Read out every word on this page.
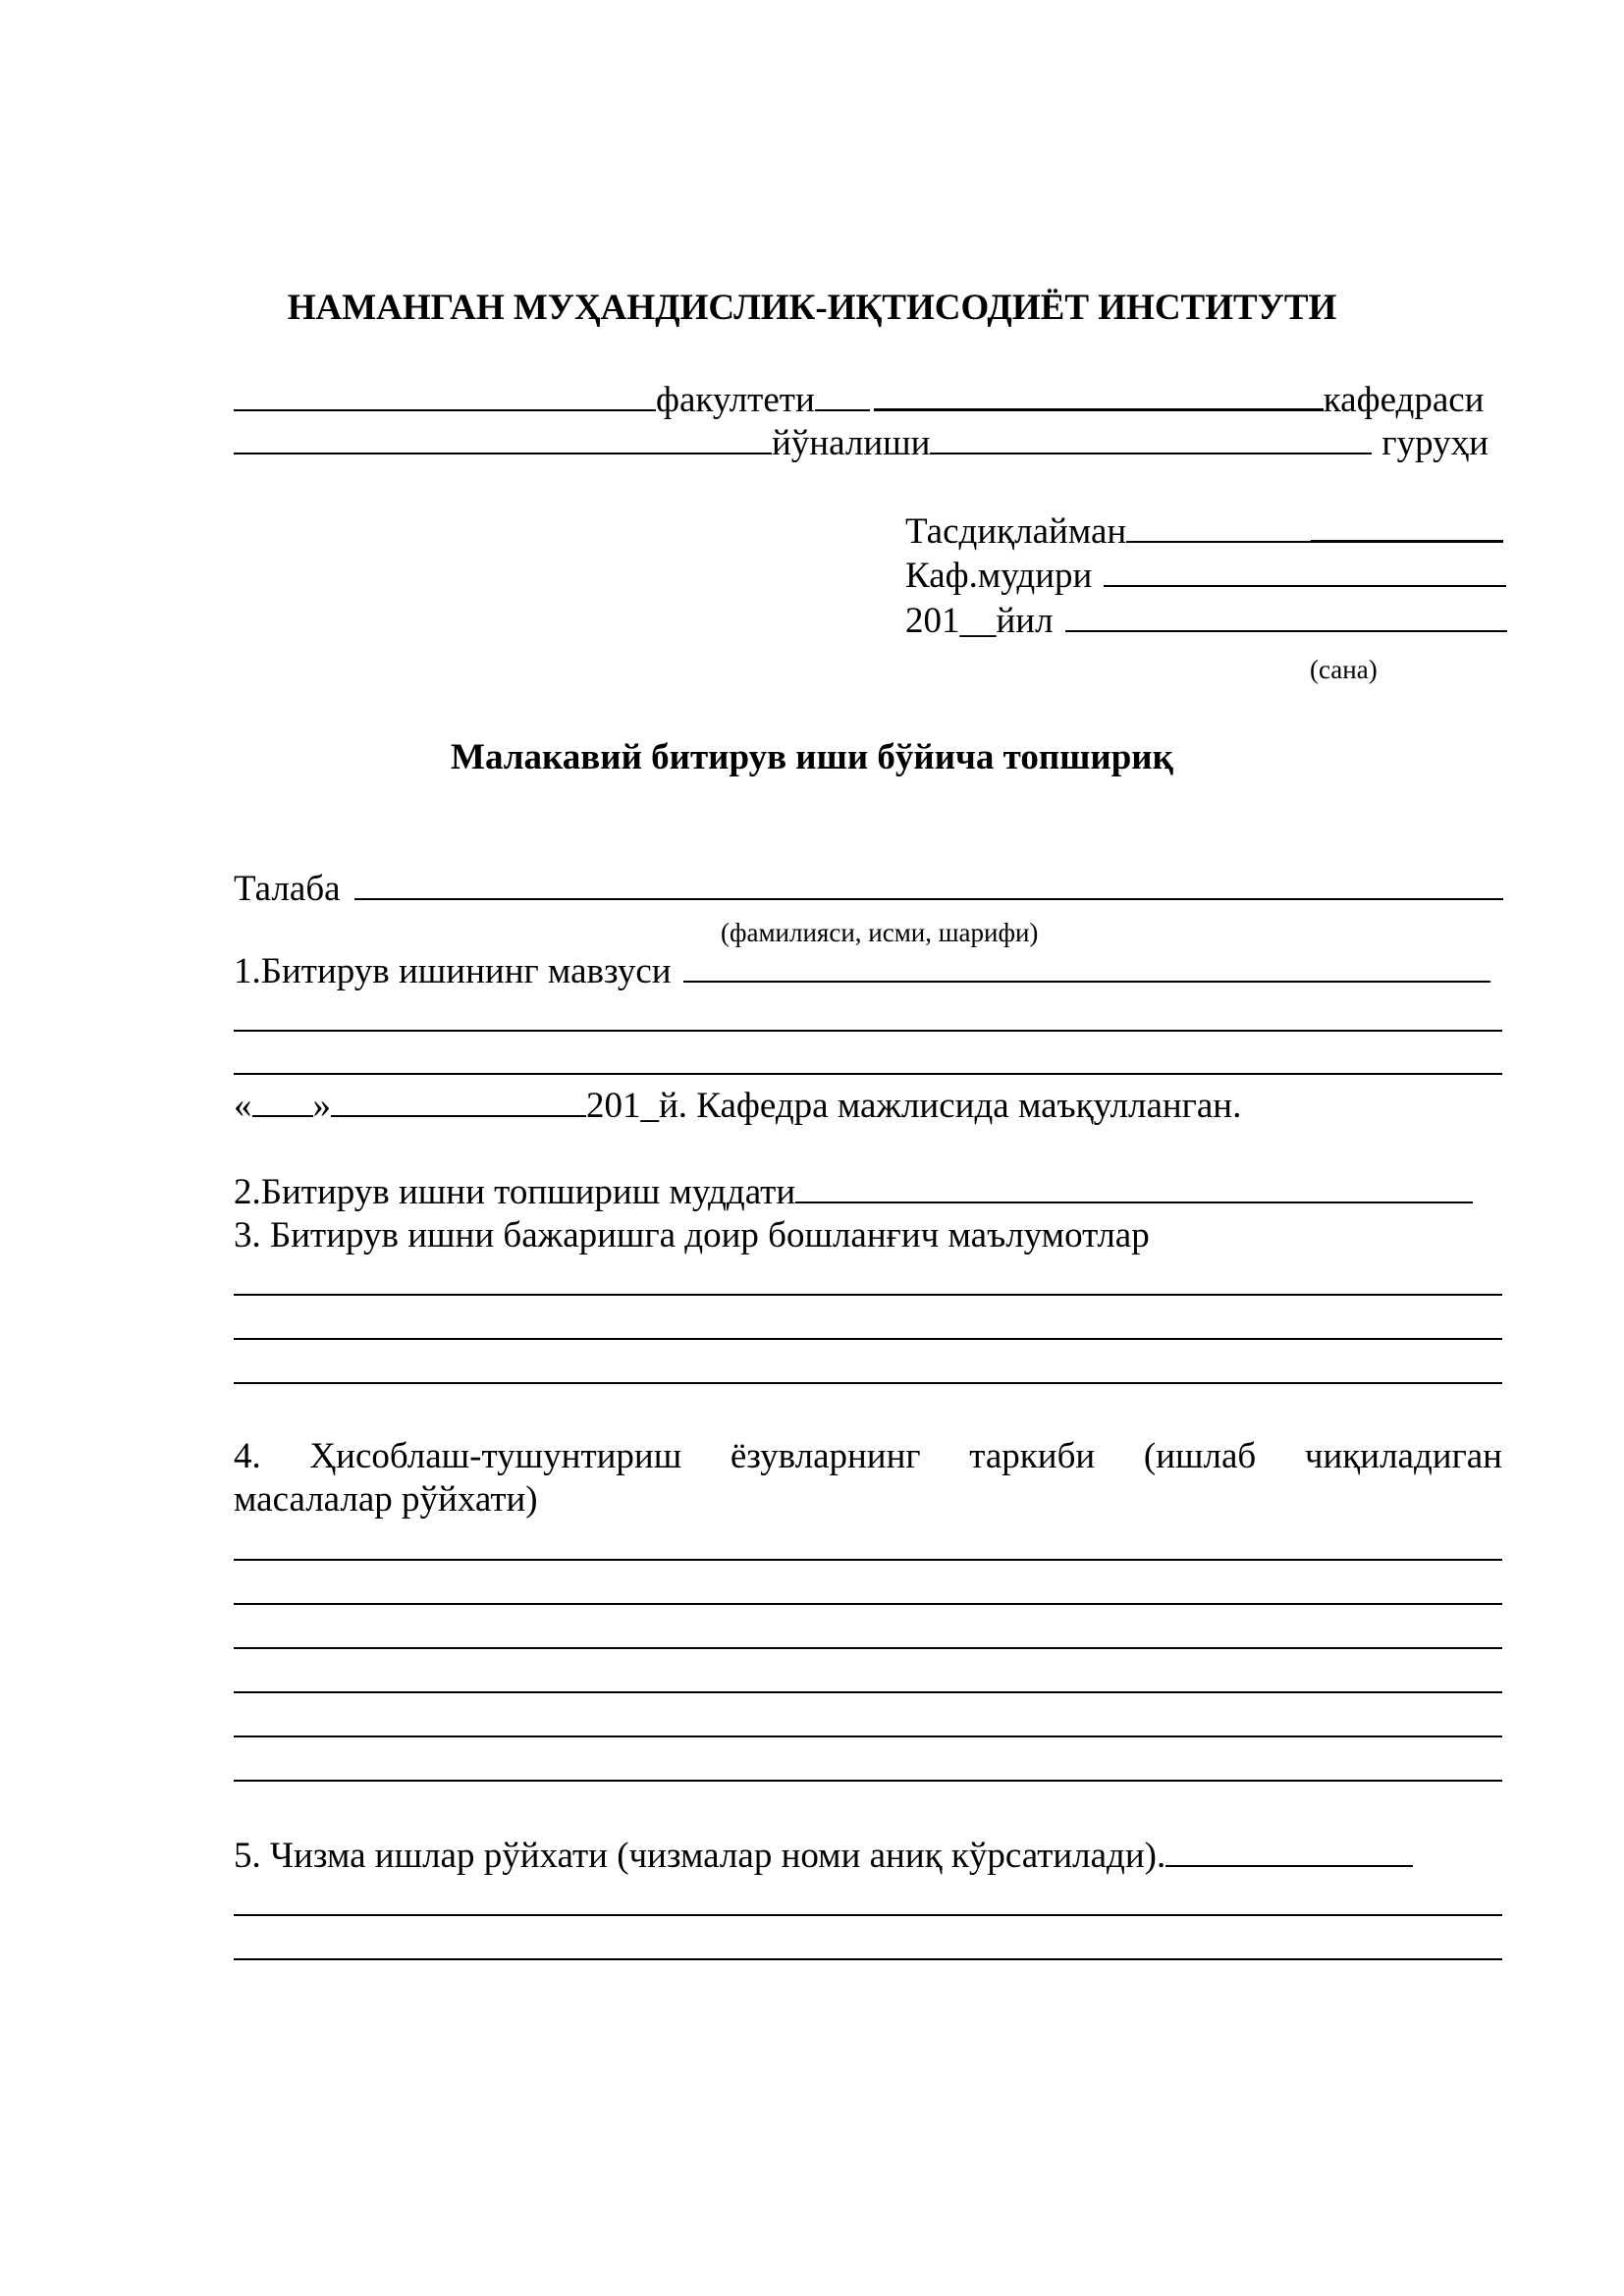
НАМАНГАН МУҲАНДИСЛИК-ИҚТИСОДИЁТ ИНСТИТУТИ
факултети	кафедраси
йўналиши	гуруҳи
Тасдиқлайман
Каф.мудири
201__йил
(сана)
Малакавий битирув иши бўйича топшириқ
Талаба
(фамилияси, исми, шарифи)
1.Битирув ишининг мавзуси
« »	201_й. Кафедра мажлисида маъқулланган.
2.Битирув ишни топшириш муддати
3. Битирув ишни бажаришга доир бошланғич маълумотлар
4. Ҳисоблаш-тушунтириш ёзувларнинг таркиби (ишлаб чиқиладиган
масалалар рўйхати)
5. Чизма ишлар рўйхати (чизмалар номи аниқ кўрсатилади).
